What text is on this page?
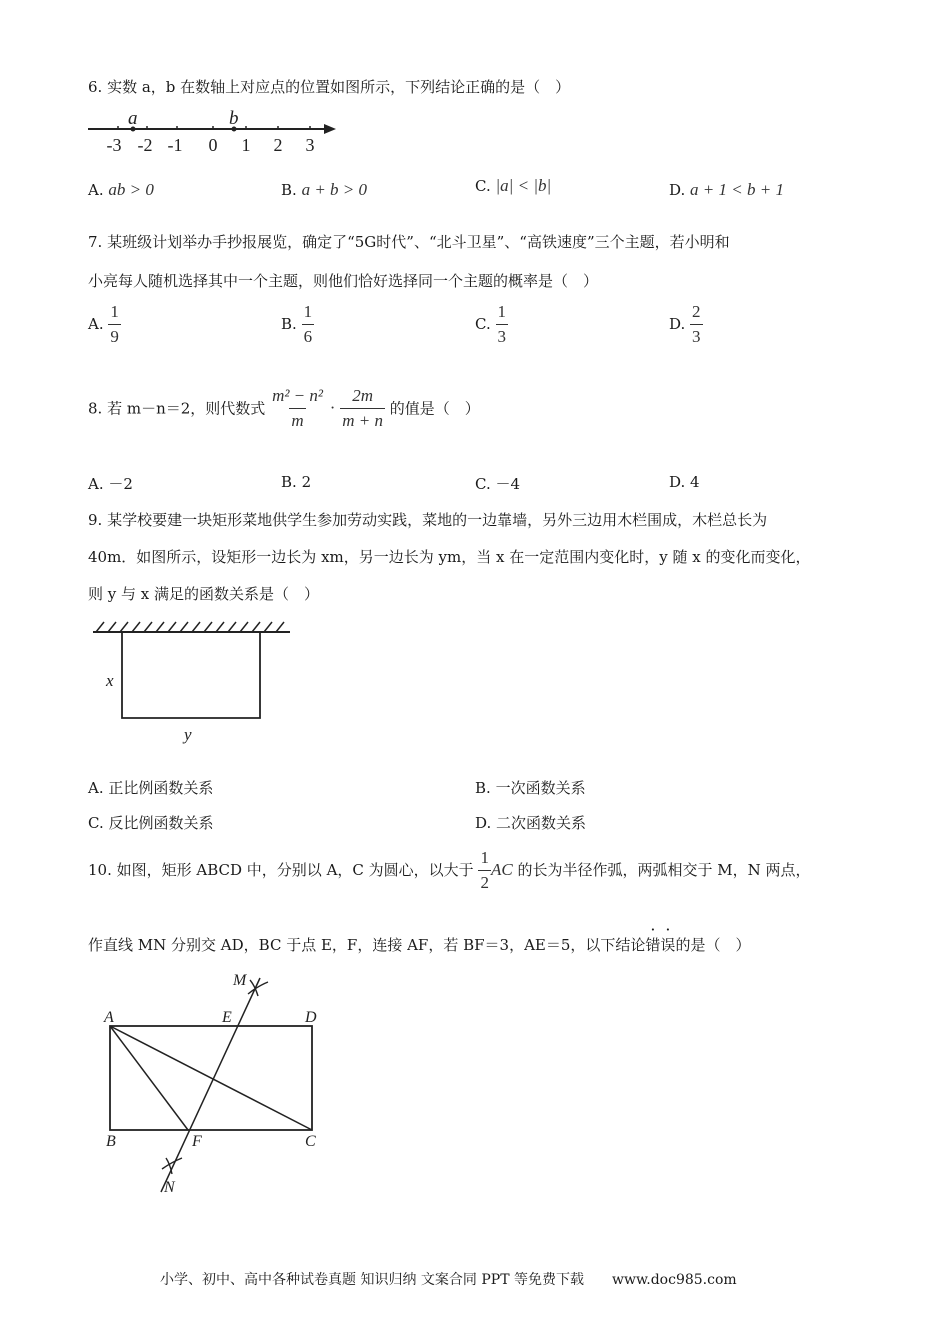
6. 实数 a，b 在数轴上对应点的位置如图所示，下列结论正确的是（　）
a	b
-3 -2 -1 0 1 2 3
A. ab > 0	B. a + b > 0	C. |a| < |b|	D. a + 1 < b + 1
7. 某班级计划举办手抄报展览，确定了“5G时代”、“北斗卫星”、“高铁速度”三个主题，若小明和
小亮每人随机选择其中一个主题，则他们恰好选择同一个主题的概率是（　）
A. $\frac{1}{9}$	B. $\frac{1}{6}$	C. $\frac{1}{3}$	D. $\frac{2}{3}$
8. 若 m－n＝2，则代数式 $\frac{\text{m² − n²}}{m} \cdot \frac{2m}{m + n}$ 的值是（　）
A. －2	B. 2	C. －4	D. 4
9. 某学校要建一块矩形菜地供学生参加劳动实践，菜地的一边靠墙，另外三边用木栏围成，木栏总长为
40m．如图所示，设矩形一边长为 xm，另一边长为 ym，当 x 在一定范围内变化时，y 随 x 的变化而变化，
则 y 与 x 满足的函数关系是（　）
x
y
A. 正比例函数关系	B. 一次函数关系
C. 反比例函数关系	D. 二次函数关系
10. 如图，矩形 ABCD 中，分别以 A，C 为圆心，以大于 $\frac{1}{2}$ AC 的长为半径作弧，两弧相交于 M，N 两点，
作直线 MN 分别交 AD，BC 于点 E，F，连接 AF，若 BF＝3，AE＝5，以下结论错误的是（　）
A	E	D
B	F	C
M
N
小学、初中、高中各种试卷真题 知识归纳 文案合同 PPT 等免费下载　　www.doc985.com
